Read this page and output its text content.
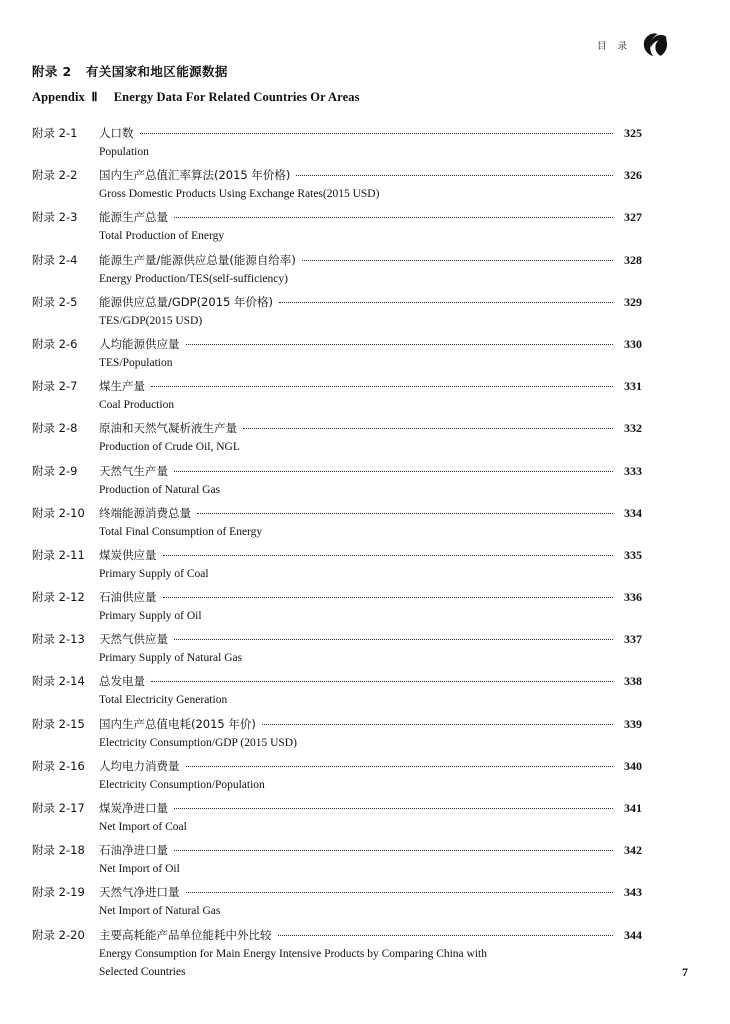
目 录
附录 2   有关国家和地区能源数据
Appendix  Ⅱ     Energy Data For Related Countries Or Areas
附录 2-1	人口数	325
Population
附录 2-2	国内生产总值汇率算法(2015 年价格)	326
Gross Domestic Products Using Exchange Rates(2015 USD)
附录 2-3	能源生产总量	327
Total Production of Energy
附录 2-4	能源生产量/能源供应总量(能源自给率)	328
Energy Production/TES(self-sufficiency)
附录 2-5	能源供应总量/GDP(2015 年价格)	329
TES/GDP(2015 USD)
附录 2-6	人均能源供应量	330
TES/Population
附录 2-7	煤生产量	331
Coal Production
附录 2-8	原油和天然气凝析液生产量	332
Production of Crude Oil, NGL
附录 2-9	天然气生产量	333
Production of Natural Gas
附录 2-10	终端能源消费总量	334
Total Final Consumption of Energy
附录 2-11	煤炭供应量	335
Primary Supply of Coal
附录 2-12	石油供应量	336
Primary Supply of Oil
附录 2-13	天然气供应量	337
Primary Supply of Natural Gas
附录 2-14	总发电量	338
Total Electricity Generation
附录 2-15	国内生产总值电耗(2015 年价)	339
Electricity Consumption/GDP (2015 USD)
附录 2-16	人均电力消费量	340
Electricity Consumption/Population
附录 2-17	煤炭净进口量	341
Net Import of Coal
附录 2-18	石油净进口量	342
Net Import of Oil
附录 2-19	天然气净进口量	343
Net Import of Natural Gas
附录 2-20	主要高耗能产品单位能耗中外比较	344
Energy Consumption for Main Energy Intensive Products by Comparing China with
Selected Countries	7
